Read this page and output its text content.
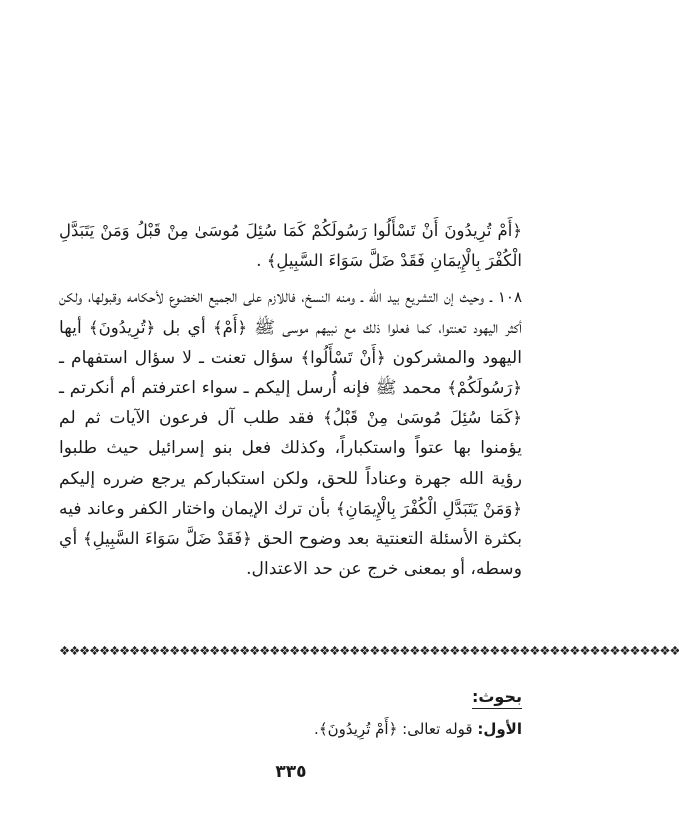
﴿أَمْ تُرِيدُونَ أَنْ تَسْأَلُوا رَسُولَكُمْ كَمَا سُئِلَ مُوسَىٰ مِنْ قَبْلُ وَمَنْ يَتَبَدَّلِ الْكُفْرَ بِالْإِيمَانِ فَقَدْ ضَلَّ سَوَاءَ السَّبِيلِ﴾ .

١٠٨ ـ وحيث إن التشريع بيد الله ـ ومنه النسخ، فاللازم على الجميع الخضوع لأحكامه وقبولها، ولكن أكثر اليهود تعنتوا، كما فعلوا ذلك مع نبيهم موسى ﷺ ﴿أَمْ﴾ أي بل ﴿تُرِيدُونَ﴾ أيها اليهود والمشركون ﴿أَنْ تَسْأَلُوا﴾ سؤال تعنت ـ لا سؤال استفهام ـ ﴿رَسُولَكُمْ﴾ محمد ﷺ فإنه أُرسل إليكم ـ سواء اعترفتم أم أنكرتم ـ ﴿كَمَا سُئِلَ مُوسَىٰ مِنْ قَبْلُ﴾ فقد طلب آل فرعون الآيات ثم لم يؤمنوا بها عتواً واستكباراً، وكذلك فعل بنو إسرائيل حيث طلبوا رؤية الله جهرة وعناداً للحق، ولكن استكباركم يرجع ضرره إليكم ﴿وَمَنْ يَتَبَدَّلِ الْكُفْرَ بِالْإِيمَانِ﴾ بأن ترك الإيمان واختار الكفر وعاند فيه بكثرة الأسئلة التعنتية بعد وضوح الحق ﴿فَقَدْ ضَلَّ سَوَاءَ السَّبِيلِ﴾ أي وسطه، أو بمعنى خرج عن حد الاعتدال.

❖❖❖❖❖❖❖❖❖❖❖❖❖❖❖❖❖❖❖❖❖❖❖❖❖❖❖❖❖❖❖❖❖❖❖❖❖❖❖❖❖❖❖❖❖❖❖❖❖❖❖❖❖❖❖❖❖❖❖❖❖❖
بحوث:
الأول: قوله تعالى: ﴿أَمْ تُرِيدُونَ﴾.
٣٣٥
